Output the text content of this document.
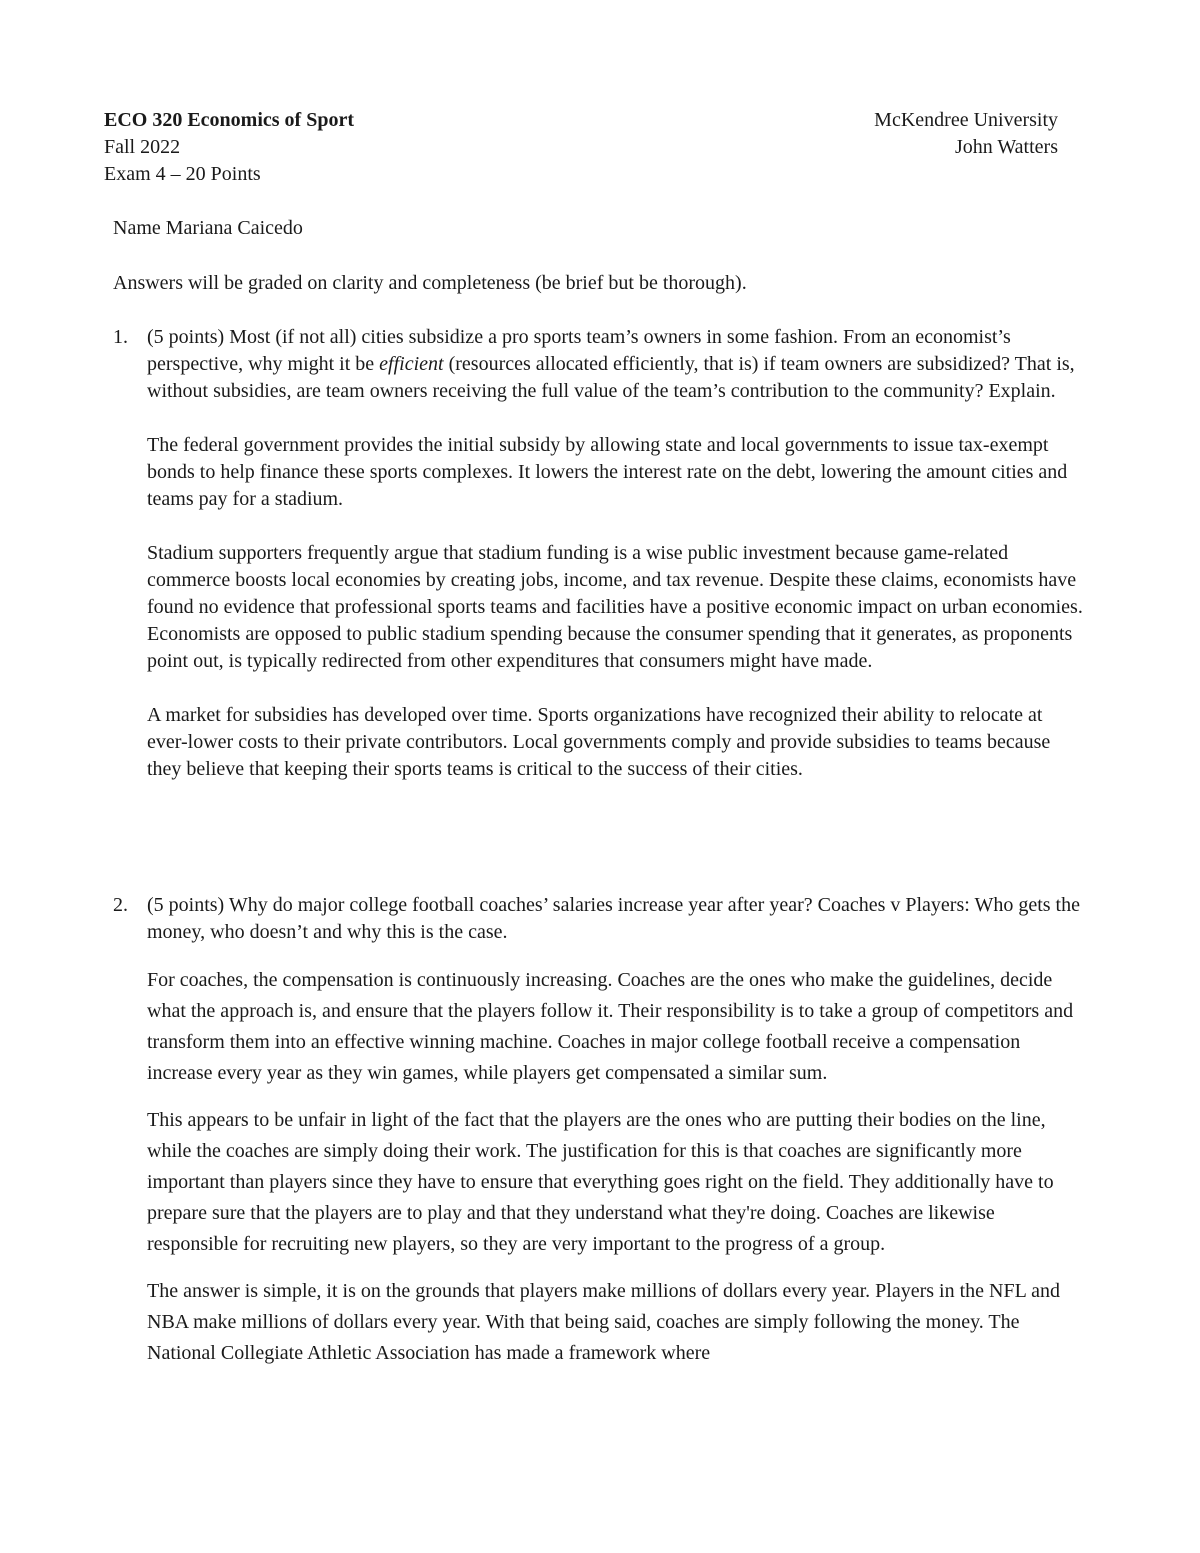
ECO 320 Economics of Sport	McKendree University
Fall 2022	John Watters
Exam 4 – 20 Points
Name Mariana Caicedo
Answers will be graded on clarity and completeness (be brief but be thorough).
1. (5 points) Most (if not all) cities subsidize a pro sports team’s owners in some fashion. From an economist’s perspective, why might it be efficient (resources allocated efficiently, that is) if team owners are subsidized? That is, without subsidies, are team owners receiving the full value of the team’s contribution to the community? Explain.

The federal government provides the initial subsidy by allowing state and local governments to issue tax-exempt bonds to help finance these sports complexes. It lowers the interest rate on the debt, lowering the amount cities and teams pay for a stadium.

Stadium supporters frequently argue that stadium funding is a wise public investment because game-related commerce boosts local economies by creating jobs, income, and tax revenue. Despite these claims, economists have found no evidence that professional sports teams and facilities have a positive economic impact on urban economies. Economists are opposed to public stadium spending because the consumer spending that it generates, as proponents point out, is typically redirected from other expenditures that consumers might have made.

A market for subsidies has developed over time. Sports organizations have recognized their ability to relocate at ever-lower costs to their private contributors. Local governments comply and provide subsidies to teams because they believe that keeping their sports teams is critical to the success of their cities.

2. (5 points) Why do major college football coaches’ salaries increase year after year? Coaches v Players: Who gets the money, who doesn’t and why this is the case.

For coaches, the compensation is continuously increasing. Coaches are the ones who make the guidelines, decide what the approach is, and ensure that the players follow it. Their responsibility is to take a group of competitors and transform them into an effective winning machine. Coaches in major college football receive a compensation increase every year as they win games, while players get compensated a similar sum.

This appears to be unfair in light of the fact that the players are the ones who are putting their bodies on the line, while the coaches are simply doing their work. The justification for this is that coaches are significantly more important than players since they have to ensure that everything goes right on the field. They additionally have to prepare sure that the players are to play and that they understand what they're doing. Coaches are likewise responsible for recruiting new players, so they are very important to the progress of a group.

The answer is simple, it is on the grounds that players make millions of dollars every year. Players in the NFL and NBA make millions of dollars every year. With that being said, coaches are simply following the money. The National Collegiate Athletic Association has made a framework where
